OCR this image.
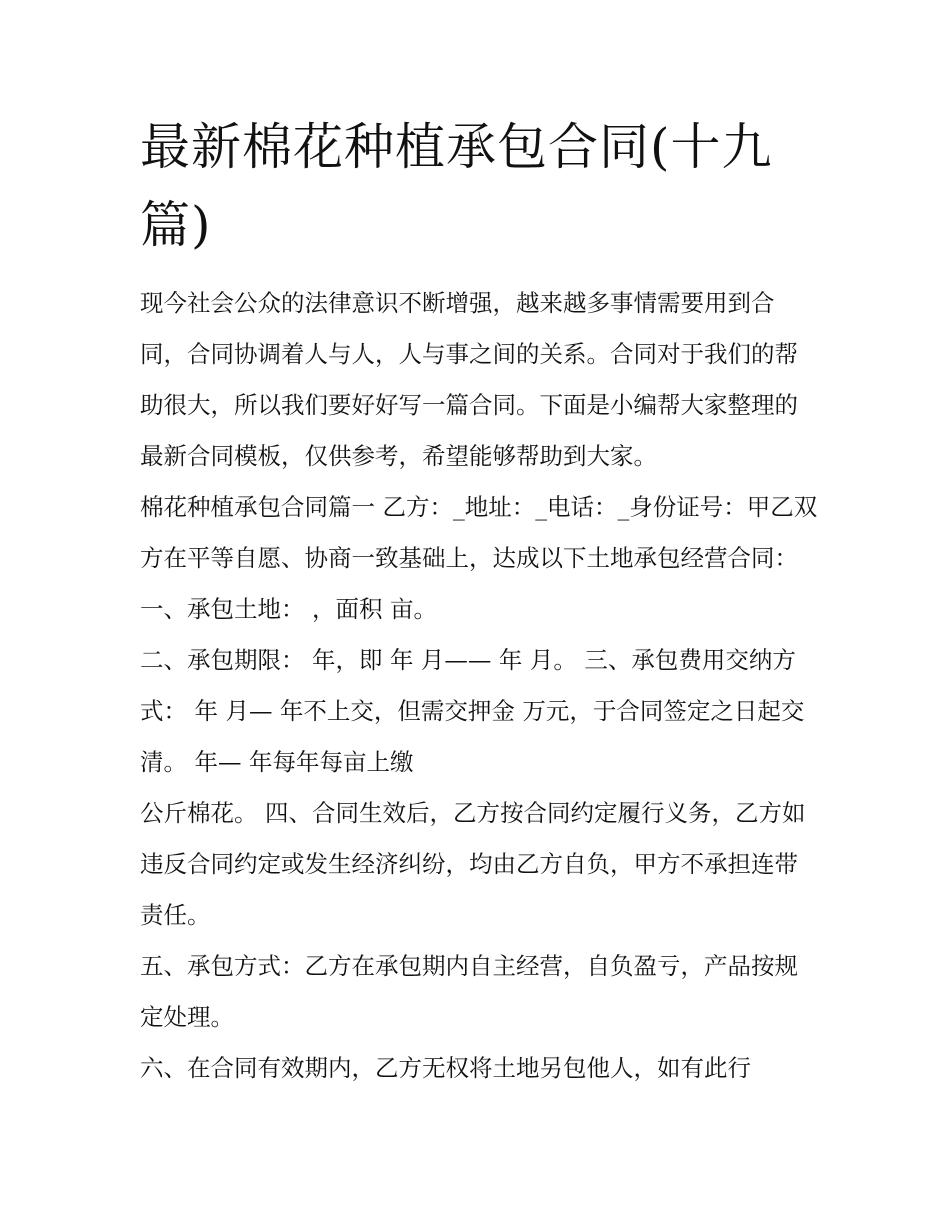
最新棉花种植承包合同(十九篇)

现今社会公众的法律意识不断增强，越来越多事情需要用到合同，合同协调着人与人，人与事之间的关系。合同对于我们的帮助很大，所以我们要好好写一篇合同。下面是小编帮大家整理的最新合同模板，仅供参考，希望能够帮助到大家。

棉花种植承包合同篇一 乙方：_地址：_电话：_身份证号：甲乙双方在平等自愿、协商一致基础上，达成以下土地承包经营合同： 一、承包土地： ，面积 亩。

二、承包期限： 年，即 年 月—— 年 月。 三、承包费用交纳方式： 年 月— 年不上交，但需交押金 万元，于合同签定之日起交清。 年— 年每年每亩上缴

公斤棉花。 四、合同生效后，乙方按合同约定履行义务，乙方如违反合同约定或发生经济纠纷，均由乙方自负，甲方不承担连带责任。

五、承包方式：乙方在承包期内自主经营，自负盈亏，产品按规定处理。

六、在合同有效期内，乙方无权将土地另包他人，如有此行
